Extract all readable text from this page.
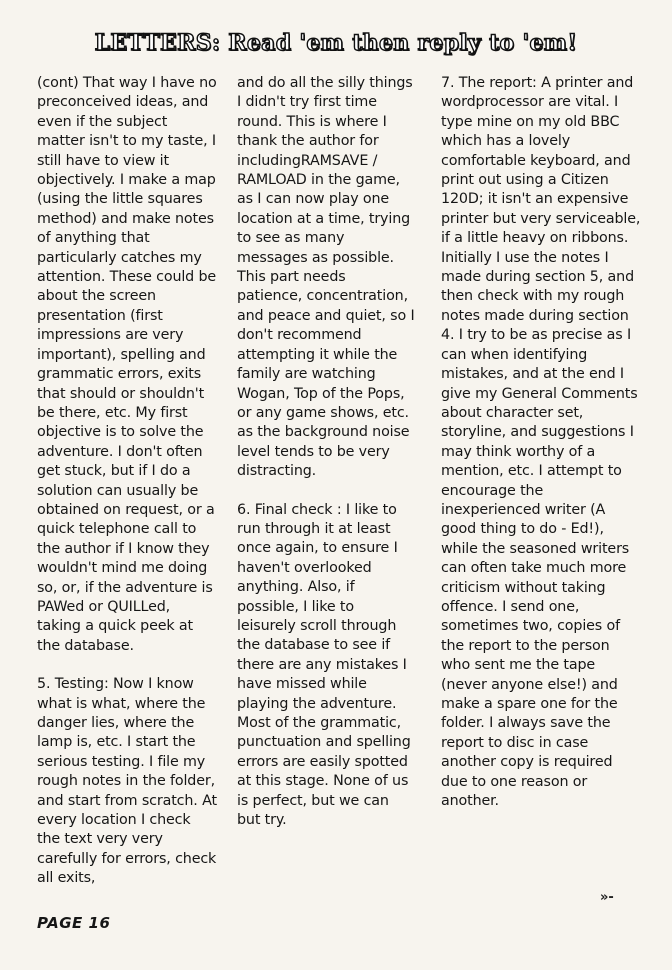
LETTERS: Read 'em then reply to 'em!

(cont) That way I have no preconceived ideas, and even if the subject matter isn't to my taste, I still have to view it objectively. I make a map (using the little squares method) and make notes of anything that particularly catches my attention. These could be about the screen presentation (first impressions are very important), spelling and grammatic errors, exits that should or shouldn't be there, etc. My first objective is to solve the adventure. I don't often get stuck, but if I do a solution can usually be obtained on request, or a quick telephone call to the author if I know they wouldn't mind me doing so, or, if the adventure is PAWed or QUILLed, taking a quick peek at the database.

5. Testing: Now I know what is what, where the danger lies, where the lamp is, etc. I start the serious testing. I file my rough notes in the folder, and start from scratch. At every location I check the text very very carefully for errors, check all exits,

and do all the silly things I didn't try first time round. This is where I thank the author for includingRAMSAVE / RAMLOAD in the game, as I can now play one location at a time, trying to see as many messages as possible. This part needs patience, concentration, and peace and quiet, so I don't recommend attempting it while the family are watching Wogan, Top of the Pops, or any game shows, etc. as the background noise level tends to be very distracting.

6. Final check : I like to run through it at least once again, to ensure I haven't overlooked anything. Also, if possible, I like to leisurely scroll through the database to see if there are any mistakes I have missed while playing the adventure. Most of the grammatic, punctuation and spelling errors are easily spotted at this stage. None of us is perfect, but we can but try.

7. The report: A printer and wordprocessor are vital. I type mine on my old BBC which has a lovely comfortable keyboard, and print out using a Citizen 120D; it isn't an expensive printer but very serviceable, if a little heavy on ribbons. Initially I use the notes I made during section 5, and then check with my rough notes made during section 4. I try to be as precise as I can when identifying mistakes, and at the end I give my General Comments about character set, storyline, and suggestions I may think worthy of a mention, etc. I attempt to encourage the inexperienced writer (A good thing to do - Ed!), while the seasoned writers can often take much more criticism without taking offence. I send one, sometimes two, copies of the report to the person who sent me the tape (never anyone else!) and make a spare one for the folder. I always save the report to disc in case another copy is required due to one reason or another.

»-
PAGE 16
